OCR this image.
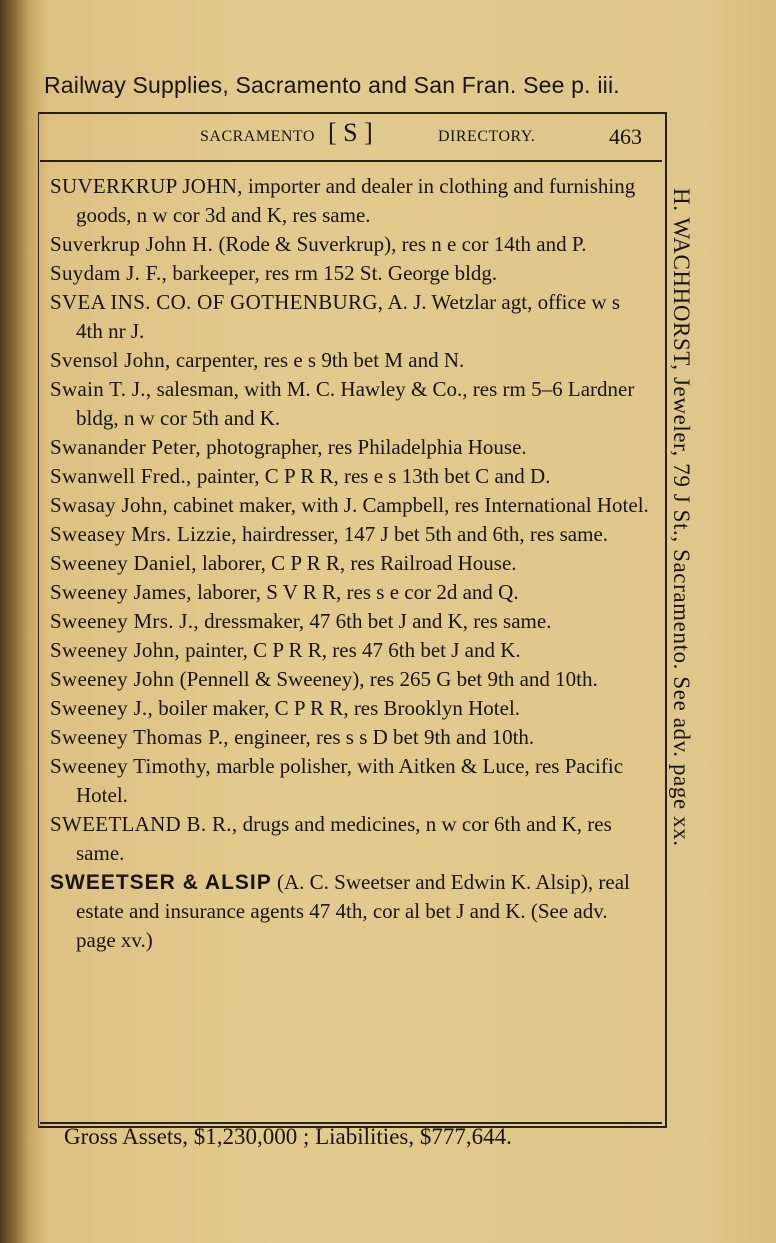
Railway Supplies, Sacramento and San Fran. See p. iii.
SACRAMENTO [ S ]	DIRECTORY.	463
SUVERKRUP JOHN, importer and dealer in clothing and furnishing goods, n w cor 3d and K, res same.
Suverkrup John H. (Rode & Suverkrup), res n e cor 14th and P.
Suydam J. F., barkeeper, res rm 152 St. George bldg.
SVEA INS. CO. OF GOTHENBURG, A. J. Wetzlar agt, office w s 4th nr J.
Svensol John, carpenter, res e s 9th bet M and N.
Swain T. J., salesman, with M. C. Hawley & Co., res rm 5–6 Lardner bldg, n w cor 5th and K.
Swanander Peter, photographer, res Philadelphia House.
Swanwell Fred., painter, C P R R, res e s 13th bet C and D.
Swasay John, cabinet maker, with J. Campbell, res International Hotel.
Sweasey Mrs. Lizzie, hairdresser, 147 J bet 5th and 6th, res same.
Sweeney Daniel, laborer, C P R R, res Railroad House.
Sweeney James, laborer, S V R R, res s e cor 2d and Q.
Sweeney Mrs. J., dressmaker, 47 6th bet J and K, res same.
Sweeney John, painter, C P R R, res 47 6th bet J and K.
Sweeney John (Pennell & Sweeney), res 265 G bet 9th and 10th.
Sweeney J., boiler maker, C P R R, res Brooklyn Hotel.
Sweeney Thomas P., engineer, res s s D bet 9th and 10th.
Sweeney Timothy, marble polisher, with Aitken & Luce, res Pacific Hotel.
SWEETLAND B. R., drugs and medicines, n w cor 6th and K, res same.
SWEETSER & ALSIP (A. C. Sweetser and Edwin K. Alsip), real estate and insurance agents 47 4th, cor al bet J and K. (See adv. page xv.)
H. WACHHORST, Jeweler, 79 J St., Sacramento. See adv. page xx.
Gross Assets, $1,230,000 ; Liabilities, $777,644.
